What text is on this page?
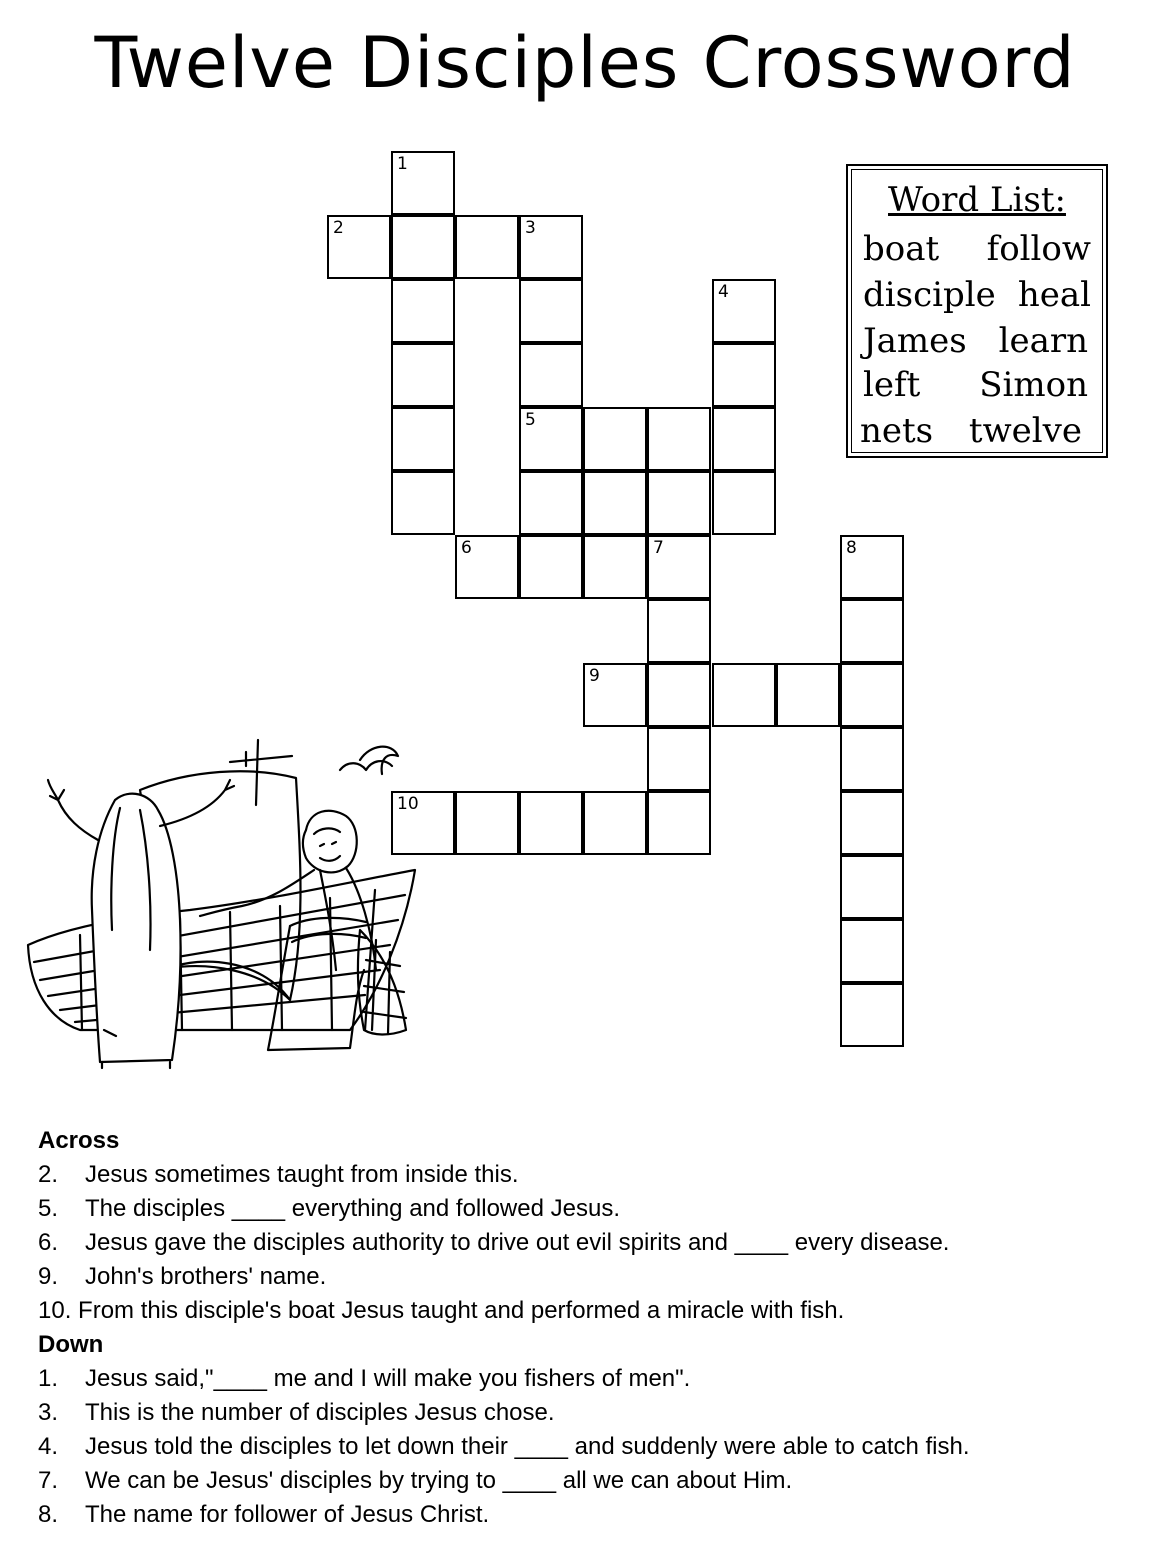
Twelve Disciples Crossword
1
2	3
4
5
6	7	8
9
10
Word List:
boat follow
disciple heal
James learn
left Simon
nets twelve
Across
2. Jesus sometimes taught from inside this.
5. The disciples ____ everything and followed Jesus.
6. Jesus gave the disciples authority to drive out evil spirits and ____ every disease.
9. John's brothers' name.
10. From this disciple's boat Jesus taught and performed a miracle with fish.
Down
1. Jesus said,"____ me and I will make you fishers of men".
3. This is the number of disciples Jesus chose.
4. Jesus told the disciples to let down their ____ and suddenly were able to catch fish.
7. We can be Jesus' disciples by trying to ____ all we can about Him.
8. The name for follower of Jesus Christ.
